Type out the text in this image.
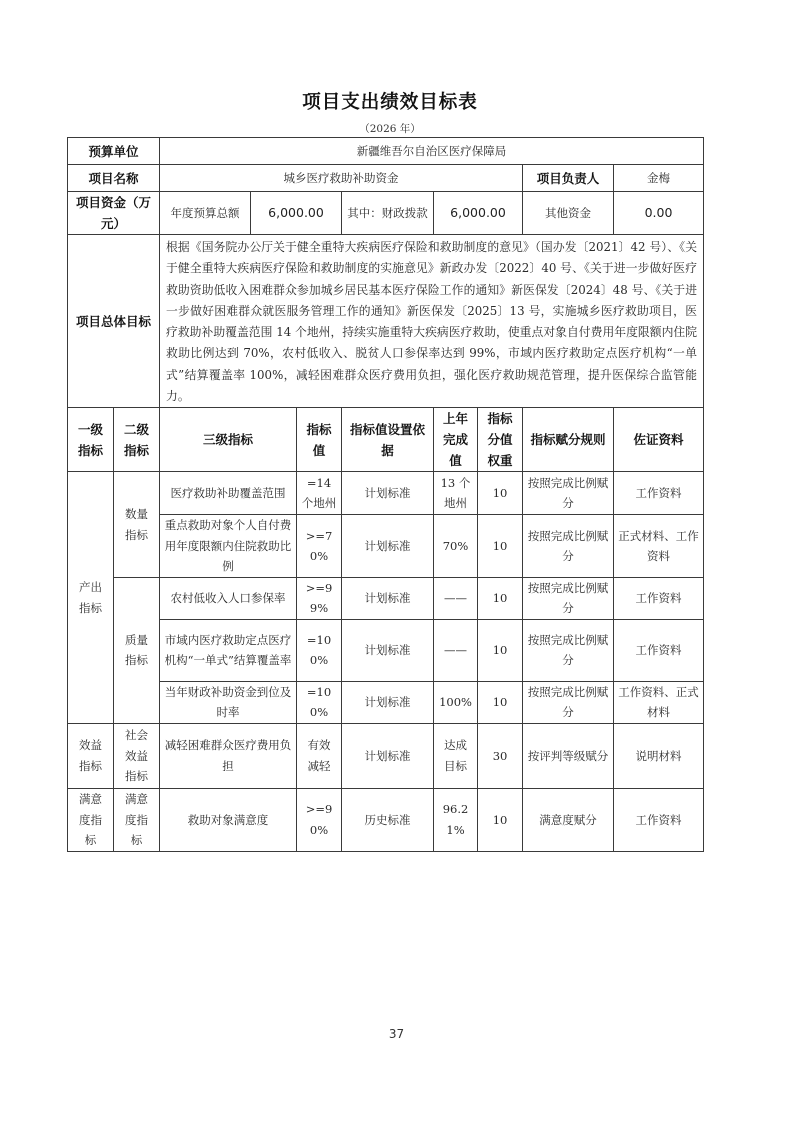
项目支出绩效目标表
（2026 年）
预算单位		新疆维吾尔自治区医疗保障局							
项目名称		城乡医疗救助补助资金						项目负责人	金梅
项目资金（万元）		年度预算总额	6,000.00		其中：财政拨款	6,000.00		其他资金	0.00
项目总体目标		根据《国务院办公厅关于健全重特大疾病医疗保险和救助制度的意见》（国办发〔2021〕42 号）、《关于健全重特大疾病医疗保险和救助制度的实施意见》新政办发〔2022〕40 号、《关于进一步做好医疗救助资助低收入困难群众参加城乡居民基本医疗保险工作的通知》新医保发〔2024〕48 号、《关于进一步做好困难群众就医服务管理工作的通知》新医保发〔2025〕13 号，实施城乡医疗救助项目，医疗救助补助覆盖范围 14 个地州，持续实施重特大疾病医疗救助，使重点对象自付费用年度限额内住院救助比例达到 70%，农村低收入、脱贫人口参保率达到 99%，市域内医疗救助定点医疗机构“一单式”结算覆盖率 100%，减轻困难群众医疗费用负担，强化医疗救助规范管理，提升医保综合监管能力。							
一级指标	二级指标	三级指标		指标值	指标值设置依据	上年完成值	指标分值权重	指标赋分规则	佐证资料
产出指标	数量指标	医疗救助补助覆盖范围		=14 个地州	计划标准	13 个地州	10	按照完成比例赋分	工作资料
		重点救助对象个人自付费用年度限额内住院救助比例		>=70%	计划标准	70%	10	按照完成比例赋分	正式材料、工作资料
	质量指标	农村低收入人口参保率		>=99%	计划标准	——	10	按照完成比例赋分	工作资料
		市域内医疗救助定点医疗机构“一单式”结算覆盖率		=100%	计划标准	——	10	按照完成比例赋分	工作资料
		当年财政补助资金到位及时率		=100%	计划标准	100%	10	按照完成比例赋分	工作资料、正式材料
效益指标	社会效益指标	减轻困难群众医疗费用负担		有效减轻	计划标准	达成目标	30	按评判等级赋分	说明材料
满意度指标	满意度指标	救助对象满意度		>=90%	历史标准	96.21%	10	满意度赋分	工作资料
37
